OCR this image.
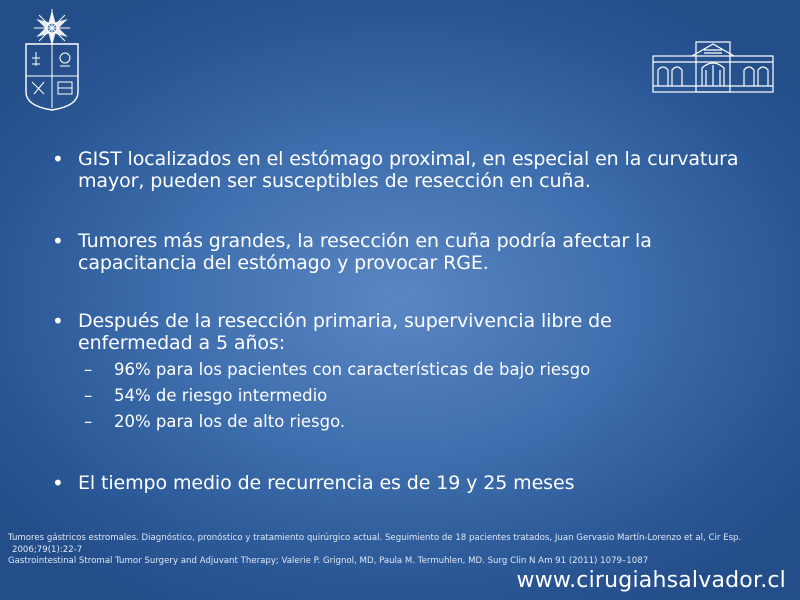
• GIST localizados en el estómago proximal, en especial en la curvatura mayor, pueden ser susceptibles de resección en cuña.
• Tumores más grandes, la resección en cuña podría afectar la capacitancia del estómago y provocar RGE.
• Después de la resección primaria, supervivencia libre de enfermedad a 5 años:
– 96% para los pacientes con características de bajo riesgo
– 54% de riesgo intermedio
– 20% para los de alto riesgo.
• El tiempo medio de recurrencia es de 19 y 25 meses
Tumores gástricos estromales. Diagnóstico, pronóstico y tratamiento quirúrgico actual. Seguimiento de 18 pacientes tratados, Juan Gervasio Martín-Lorenzo et al, Cir Esp.
2006;79(1):22-7
Gastrointestinal Stromal Tumor Surgery and Adjuvant Therapy; Valerie P. Grignol, MD, Paula M. Termuhlen, MD. Surg Clin N Am 91 (2011) 1079–1087
www.cirugiahsalvador.cl
